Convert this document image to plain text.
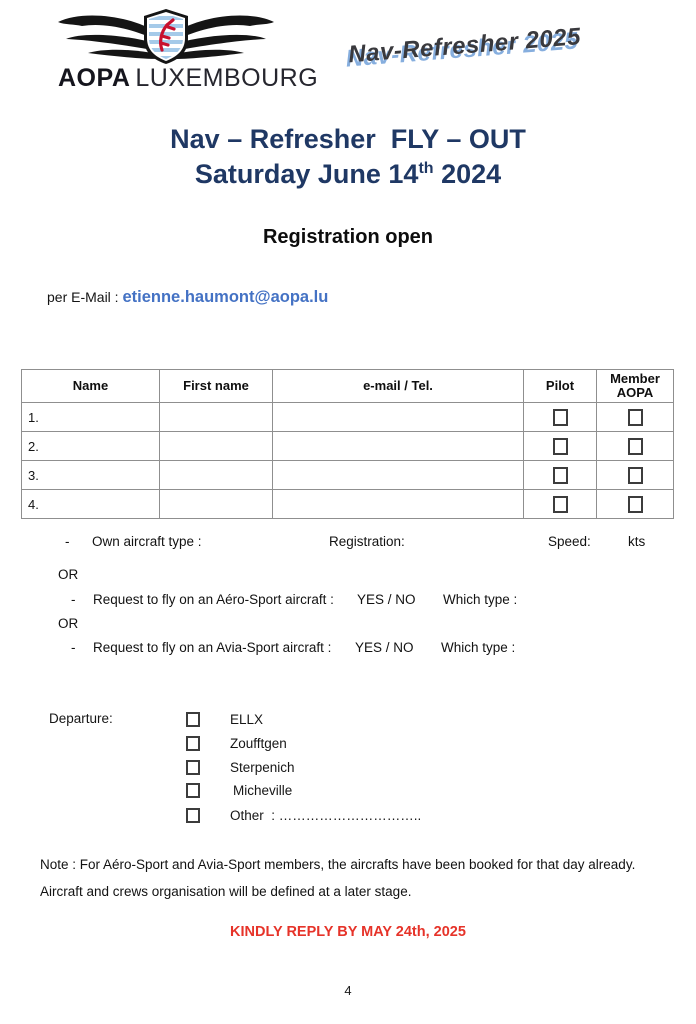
AOPA LUXEMBOURG
Nav-Refresher 2025
Nav – Refresher  FLY – OUT
Saturday June 14th 2024
Registration open
per E-Mail : etienne.haumont@aopa.lu
Name	First name	e-mail / Tel.	Pilot	Member
AOPA
1.				
2.				
3.				
4.				
- Own aircraft type :	Registration:	Speed:	kts
OR
- Request to fly on an Aéro-Sport aircraft : YES / NO Which type :
OR
- Request to fly on an Avia-Sport aircraft : YES / NO Which type :
Departure:	ELLX
Zoufftgen
Sterpenich
Micheville
Other  : …………………………..
Note : For Aéro-Sport and Avia-Sport members, the aircrafts have been booked for that day already. Aircraft and crews organisation will be defined at a later stage.
KINDLY REPLY BY MAY 24th, 2025
4
